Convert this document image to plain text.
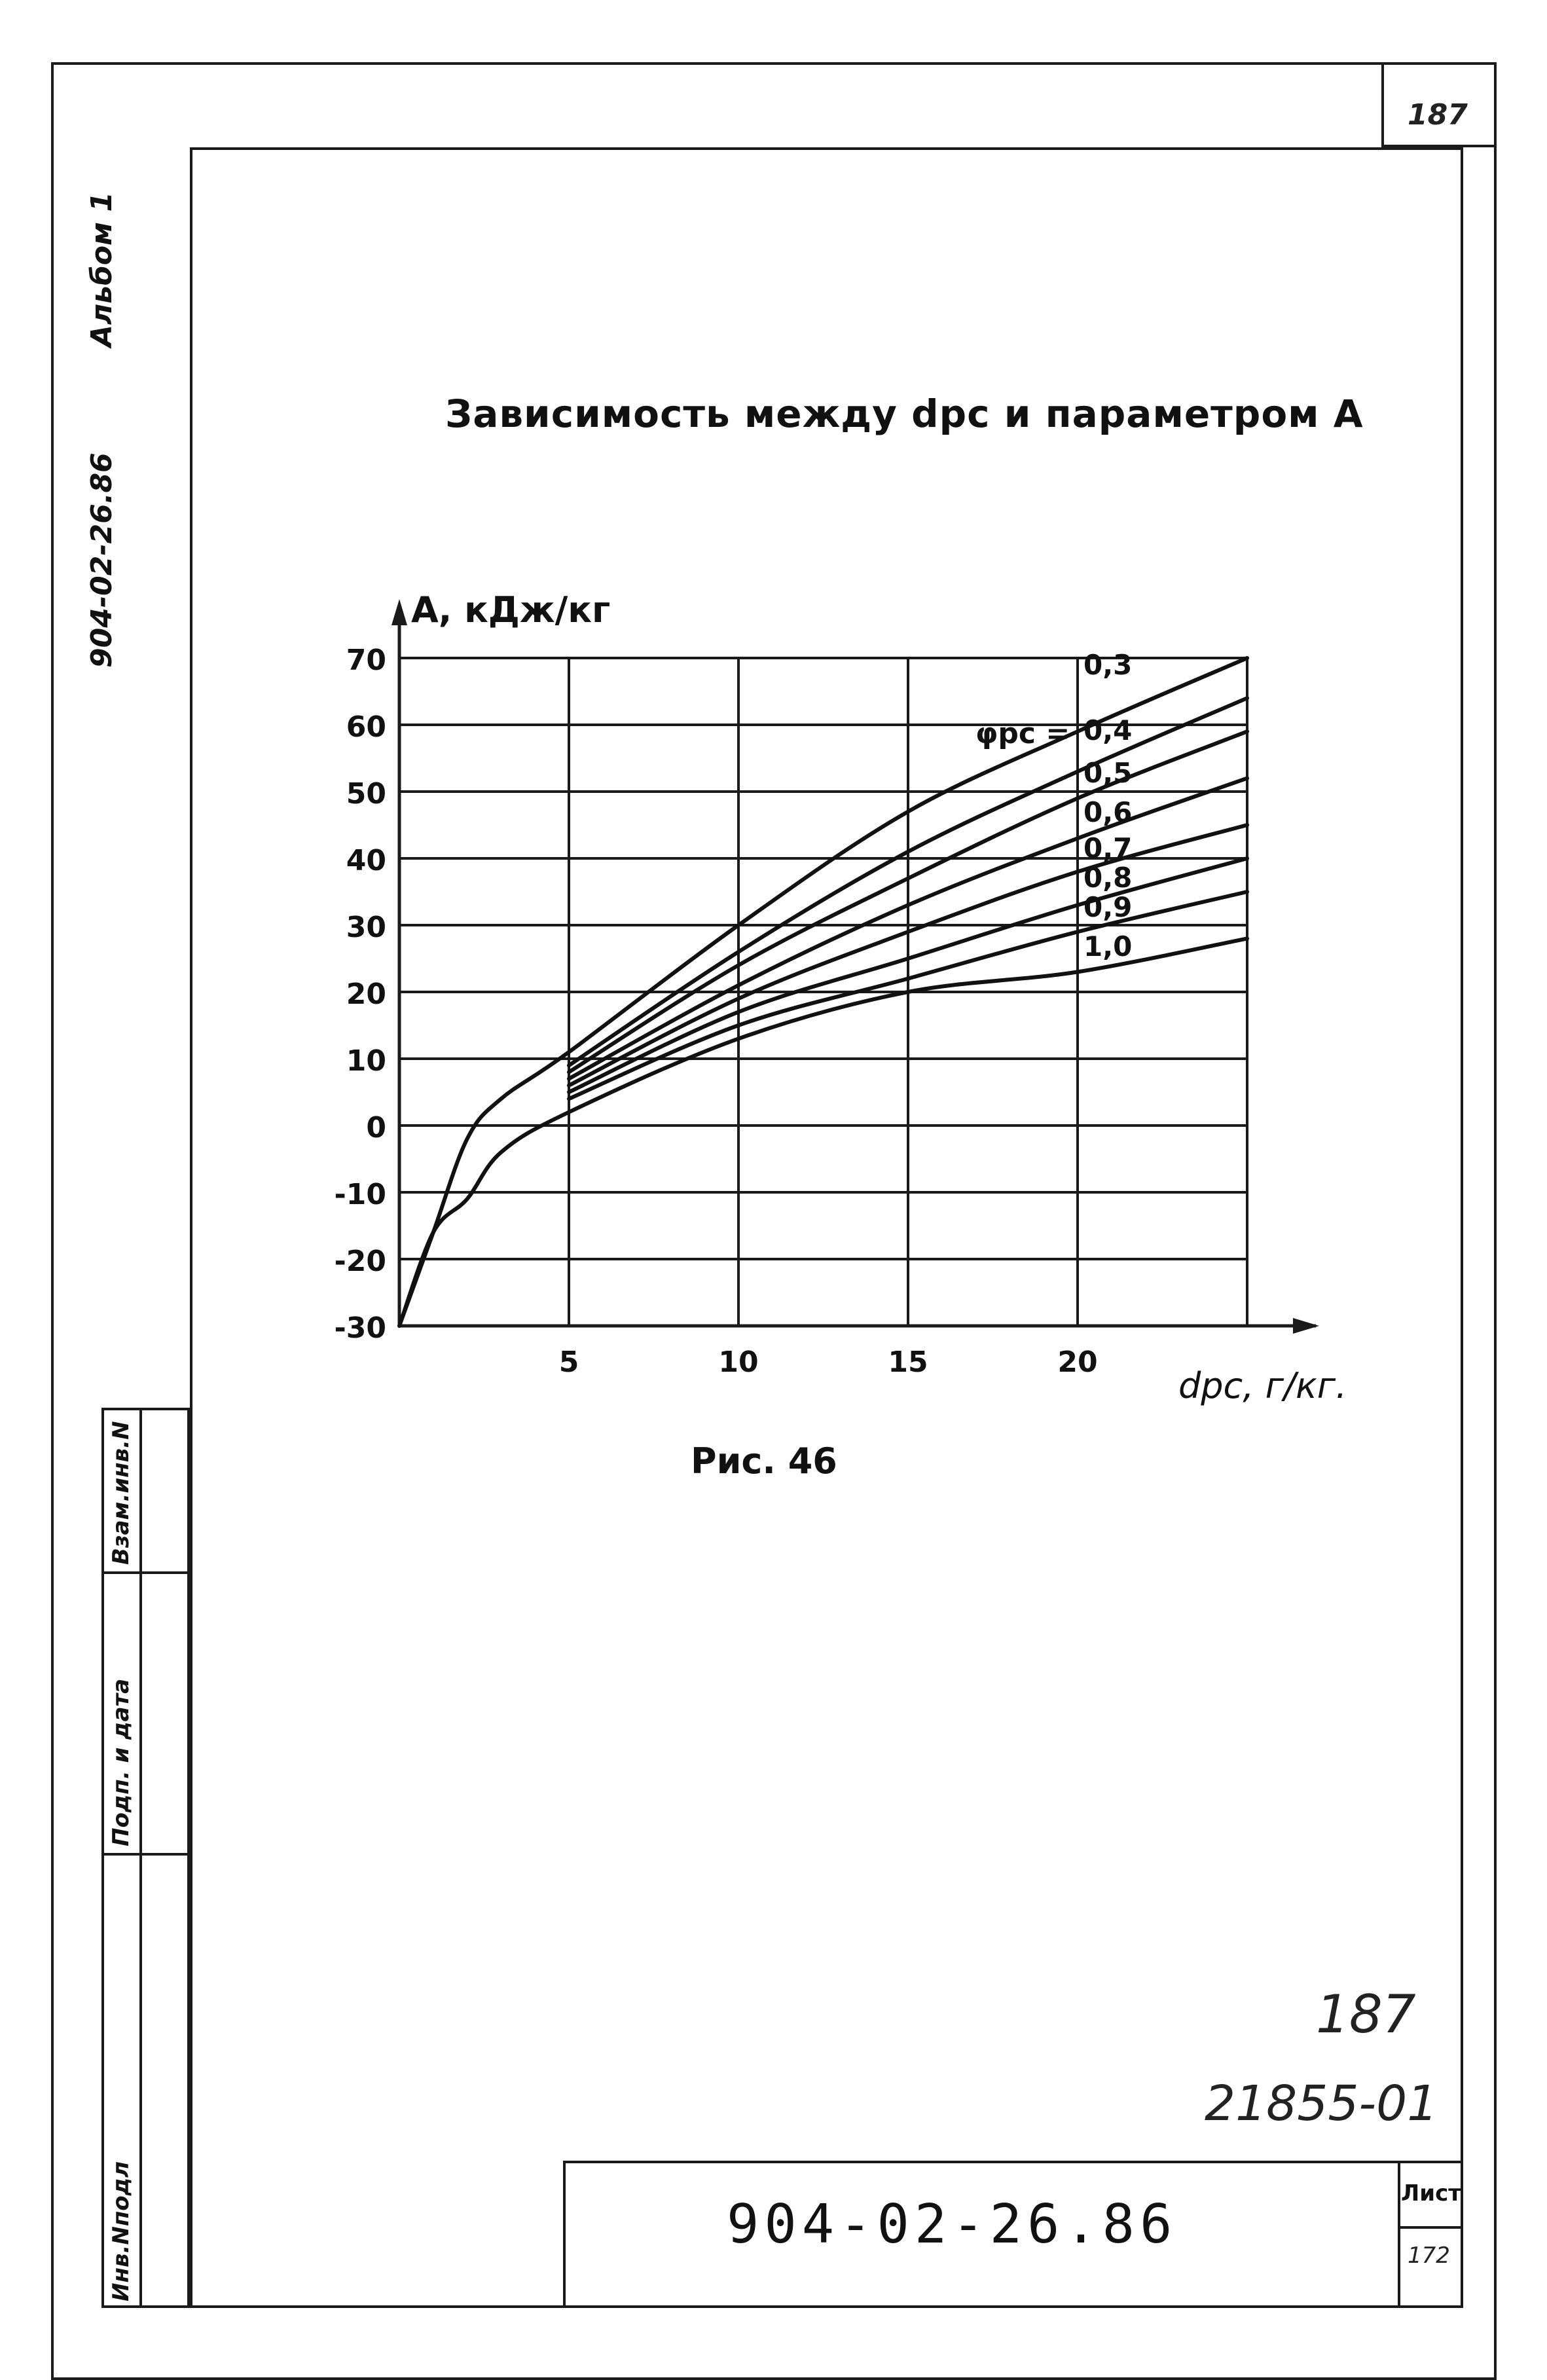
187
Альбом 1
904-02-26.86
Инв.Nподл
Подп. и дата
Взам.инв.N
Зависимость между dрс и параметром А
70
60
50
40
30
20
10
0
-10
-20
-30
5	10	15	20
А, кДж/кг
dрс, г/кг.
φрс =
0,3
0,4
0,5
0,6
0,7
0,8
0,9
1,0
Рис. 46
187
21855-01
904-02-26.86	Лист
172
